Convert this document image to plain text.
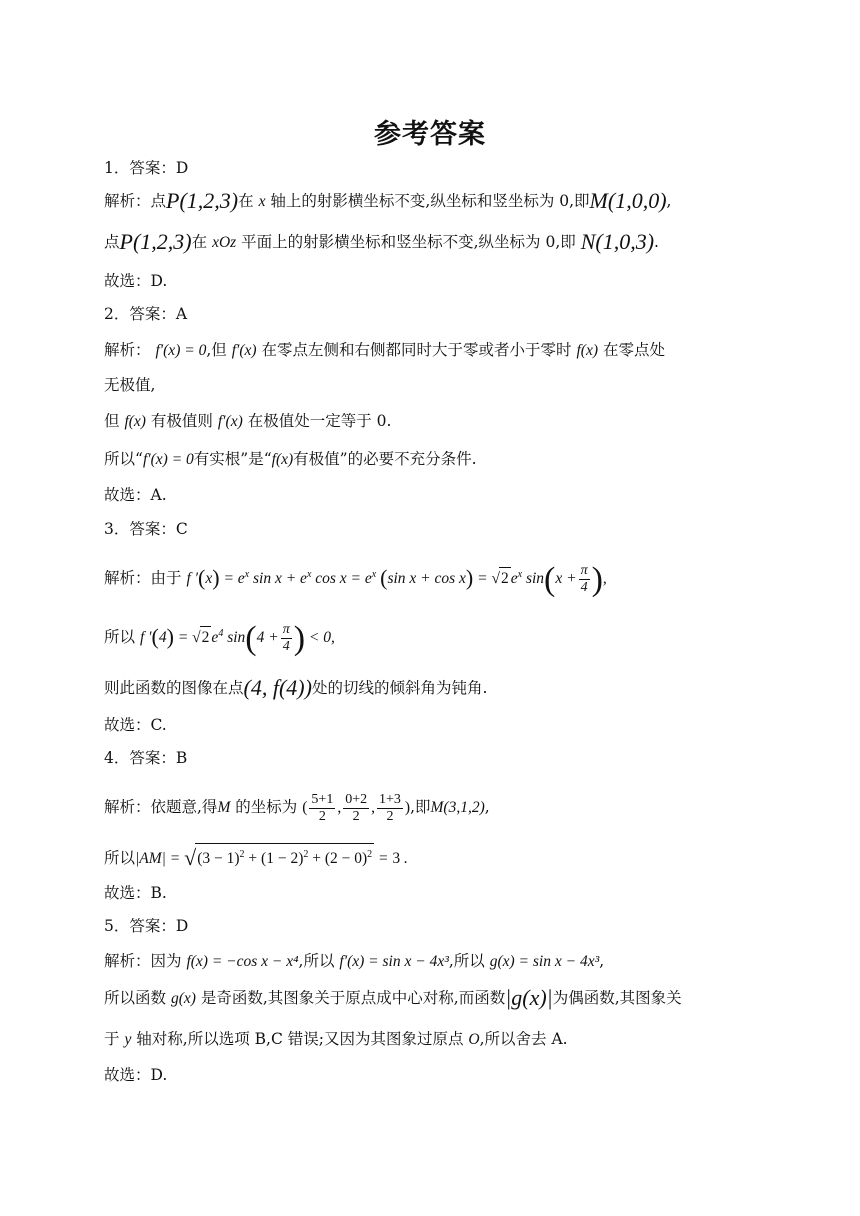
参考答案
1．答案：D
解析：点P(1,2,3)在 x 轴上的射影横坐标不变,纵坐标和竖坐标为 0,即M(1,0,0),
点P(1,2,3)在 xOz 平面上的射影横坐标和竖坐标不变,纵坐标为 0,即 N(1,0,3).
故选：D.
2．答案：A
解析： f′(x) = 0,但 f′(x) 在零点左侧和右侧都同时大于零或者小于零时 f(x) 在零点处
无极值,
但 f(x) 有极值则 f′(x) 在极值处一定等于 0.
所以“f′(x) = 0有实根”是“f(x)有极值”的必要不充分条件.
故选：A.
3．答案：C
解析：由于 f $'(x) = e^x$ $\sin x + e^x$ $\cos x = e^x$ (sin x + cos x) = √2 $e^x$ $\sin(x + \frac{\pi}{4}$ ),
所以 f ′(4) = √2 $e^4$ $\sin(4 + \frac{\pi}{4}$ ) < 0,
则此函数的图像在点(4, f(4))处的切线的倾斜角为钝角.
故选：C.
4．答案：B
解析：依题意,得M 的坐标为 ( $\frac{5+1}{2}$ , $\frac{0+2}{2}$ , $\frac{1+3}{2}$ ),即M(3,1,2),
所以$|AM| = √(3 - 1)^2 + (1 - 2)^2 + (2 - 0)^2 = 3$ .
故选：B.
5．答案：D
解析：因为 f(x) = −cos x − x⁴,所以 f′(x) = sin x − 4x³,所以 g(x) = sin x − 4x³,
所以函数 g(x) 是奇函数,其图象关于原点成中心对称,而函数|g(x)|为偶函数,其图象关
于 y 轴对称,所以选项 B,C 错误;又因为其图象过原点 O,所以舍去 A.
故选：D.
